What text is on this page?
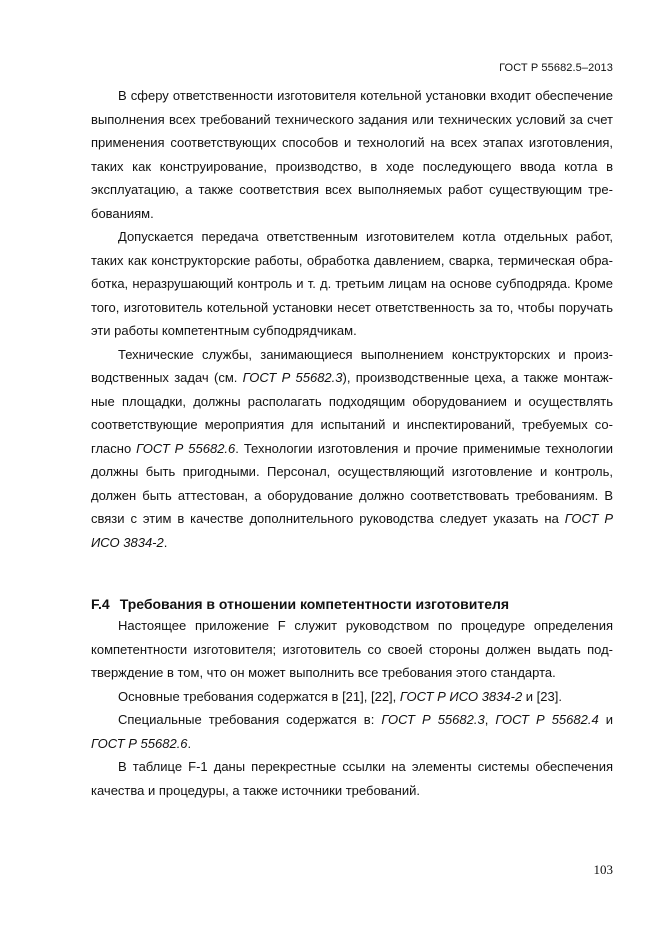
ГОСТ Р 55682.5–2013

В сферу ответственности изготовителя котельной установки входит обеспечение выполнения всех требований технического задания или технических условий за счет применения соответствующих способов и технологий на всех этапах изготовления, таких как конструирование, производство, в ходе последующего ввода котла в эксплуатацию, а также соответствия всех выполняемых работ существующим требованиям.

Допускается передача ответственным изготовителем котла отдельных работ, таких как конструкторские работы, обработка давлением, сварка, термическая обработка, неразрушающий контроль и т. д. третьим лицам на основе субподряда. Кроме того, изготовитель котельной установки несет ответственность за то, чтобы поручать эти работы компетентным субподрядчикам.

Технические службы, занимающиеся выполнением конструкторских и производственных задач (см. ГОСТ Р 55682.3), производственные цеха, а также монтажные площадки, должны располагать подходящим оборудованием и осуществлять соответствующие мероприятия для испытаний и инспектирований, требуемых согласно ГОСТ Р 55682.6. Технологии изготовления и прочие применимые технологии должны быть пригодными. Персонал, осуществляющий изготовление и контроль, должен быть аттестован, а оборудование должно соответствовать требованиям. В связи с этим в качестве дополнительного руководства следует указать на ГОСТ Р ИСО 3834-2.

F.4 Требования в отношении компетентности изготовителя

Настоящее приложение F служит руководством по процедуре определения компетентности изготовителя; изготовитель со своей стороны должен выдать подтверждение в том, что он может выполнить все требования этого стандарта.

Основные требования содержатся в [21], [22], ГОСТ Р ИСО 3834-2 и [23].

Специальные требования содержатся в: ГОСТ Р 55682.3, ГОСТ Р 55682.4 и ГОСТ Р 55682.6.

В таблице F-1 даны перекрестные ссылки на элементы системы обеспечения качества и процедуры, а также источники требований.

103
